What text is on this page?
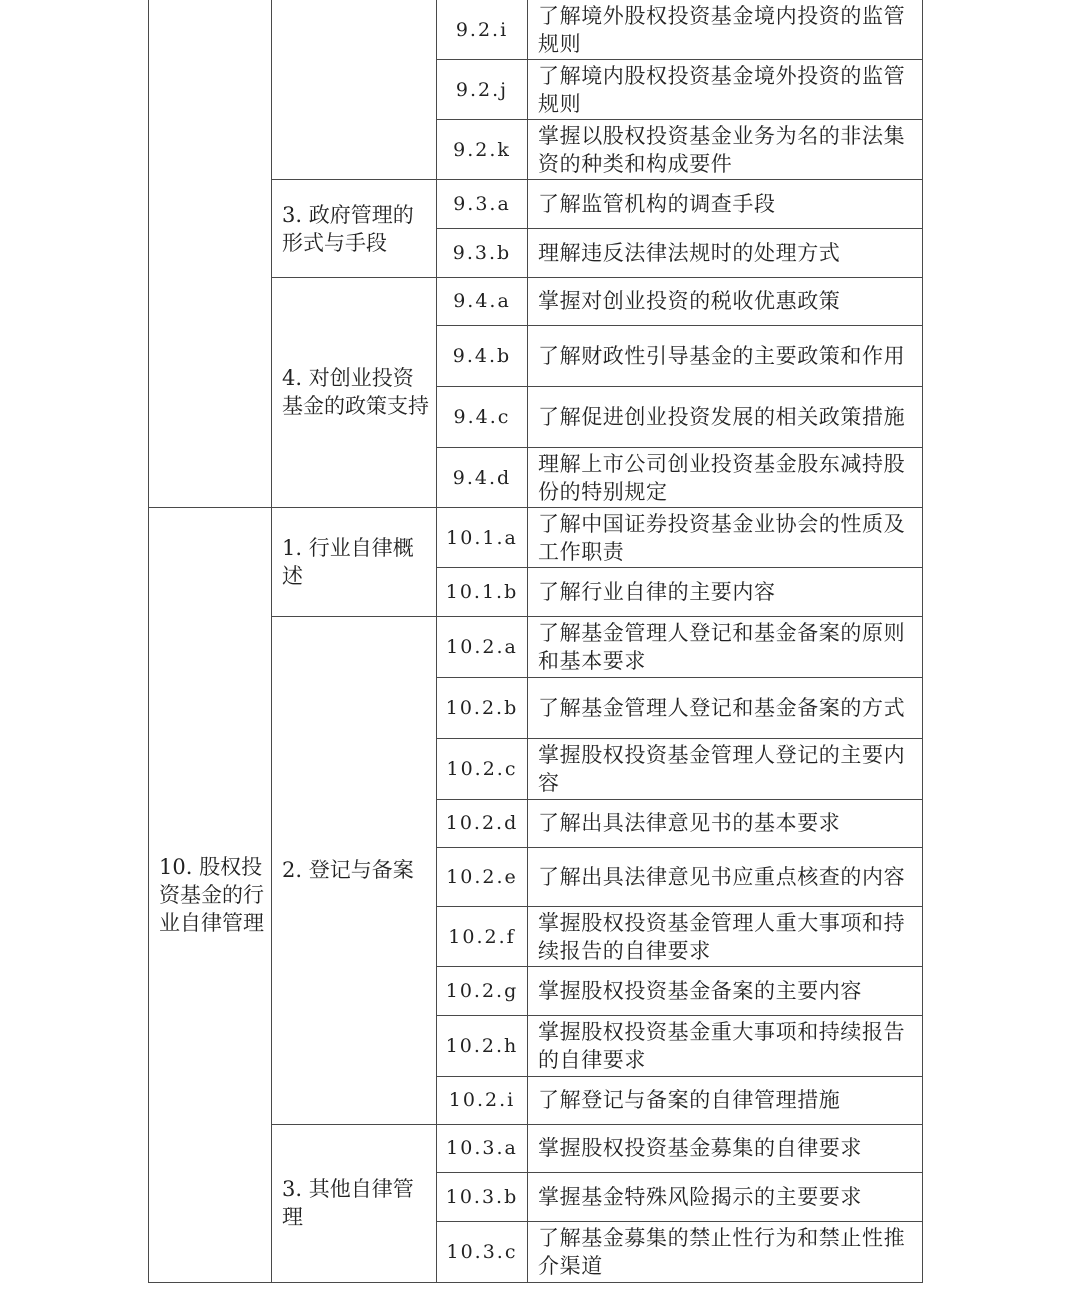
		9.2.i	了解境外股权投资基金境内投资的监管规则
		9.2.j	了解境内股权投资基金境外投资的监管规则
		9.2.k	掌握以股权投资基金业务为名的非法集资的种类和构成要件
	3. 政府管理的形式与手段	9.3.a	了解监管机构的调查手段
		9.3.b	理解违反法律法规时的处理方式
	4. 对创业投资基金的政策支持	9.4.a	掌握对创业投资的税收优惠政策
		9.4.b	了解财政性引导基金的主要政策和作用
		9.4.c	了解促进创业投资发展的相关政策措施
		9.4.d	理解上市公司创业投资基金股东减持股份的特别规定
10. 股权投资基金的行业自律管理	1. 行业自律概述	10.1.a	了解中国证券投资基金业协会的性质及工作职责
		10.1.b	了解行业自律的主要内容
	2. 登记与备案	10.2.a	了解基金管理人登记和基金备案的原则和基本要求
		10.2.b	了解基金管理人登记和基金备案的方式
		10.2.c	掌握股权投资基金管理人登记的主要内容
		10.2.d	了解出具法律意见书的基本要求
		10.2.e	了解出具法律意见书应重点核查的内容
		10.2.f	掌握股权投资基金管理人重大事项和持续报告的自律要求
		10.2.g	掌握股权投资基金备案的主要内容
		10.2.h	掌握股权投资基金重大事项和持续报告的自律要求
		10.2.i	了解登记与备案的自律管理措施
	3. 其他自律管理	10.3.a	掌握股权投资基金募集的自律要求
		10.3.b	掌握基金特殊风险揭示的主要要求
		10.3.c	了解基金募集的禁止性行为和禁止性推介渠道
